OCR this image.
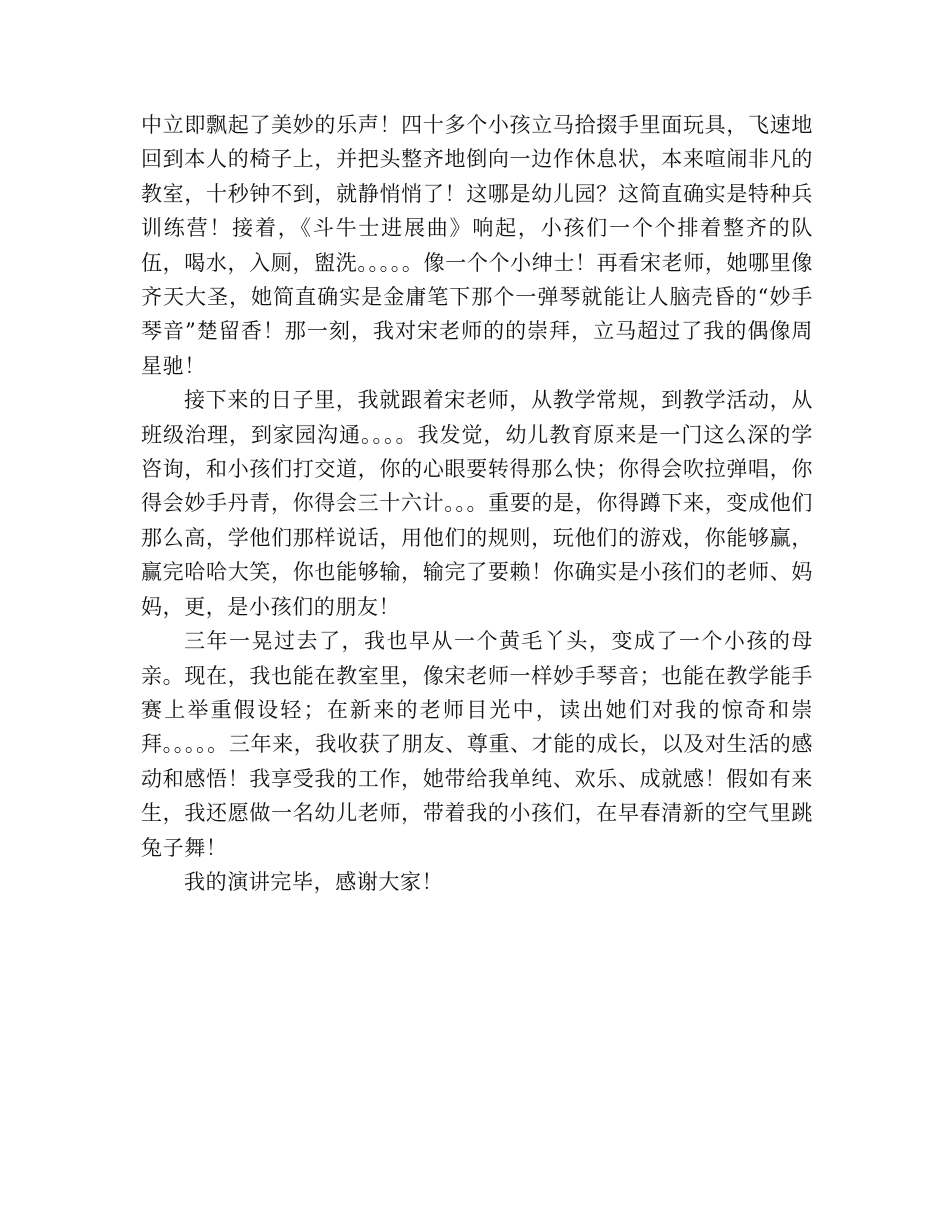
中立即飘起了美妙的乐声！四十多个小孩立马拾掇手里面玩具，飞速地回到本人的椅子上，并把头整齐地倒向一边作休息状，本来喧闹非凡的教室，十秒钟不到，就静悄悄了！这哪是幼儿园？这简直确实是特种兵训练营！接着，《斗牛士进展曲》响起，小孩们一个个排着整齐的队伍，喝水，入厕，盥洗。。。。。像一个个小绅士！再看宋老师，她哪里像齐天大圣，她简直确实是金庸笔下那个一弹琴就能让人脑壳昏的“妙手琴音”楚留香！那一刻，我对宋老师的的崇拜，立马超过了我的偶像周星驰！

接下来的日子里，我就跟着宋老师，从教学常规，到教学活动，从班级治理，到家园沟通。。。。我发觉，幼儿教育原来是一门这么深的学咨询，和小孩们打交道，你的心眼要转得那么快；你得会吹拉弹唱，你得会妙手丹青，你得会三十六计。。。重要的是，你得蹲下来，变成他们那么高，学他们那样说话，用他们的规则，玩他们的游戏，你能够赢，赢完哈哈大笑，你也能够输，输完了要赖！你确实是小孩们的老师、妈妈，更，是小孩们的朋友！

三年一晃过去了，我也早从一个黄毛丫头，变成了一个小孩的母亲。现在，我也能在教室里，像宋老师一样妙手琴音；也能在教学能手赛上举重假设轻；在新来的老师目光中，读出她们对我的惊奇和崇拜。。。。。三年来，我收获了朋友、尊重、才能的成长，以及对生活的感动和感悟！我享受我的工作，她带给我单纯、欢乐、成就感！假如有来生，我还愿做一名幼儿老师，带着我的小孩们，在早春清新的空气里跳兔子舞！

我的演讲完毕，感谢大家！
